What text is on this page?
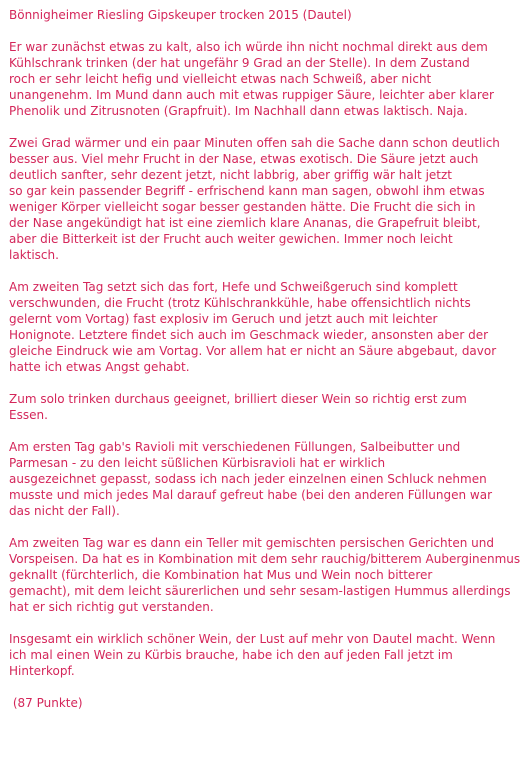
Bönnigheimer Riesling Gipskeuper trocken 2015 (Dautel)
Er war zunächst etwas zu kalt, also ich würde ihn nicht nochmal direkt aus dem
Kühlschrank trinken (der hat ungefähr 9 Grad an der Stelle). In dem Zustand
roch er sehr leicht hefig und vielleicht etwas nach Schweiß, aber nicht
unangenehm. Im Mund dann auch mit etwas ruppiger Säure, leichter aber klarer
Phenolik und Zitrusnoten (Grapfruit). Im Nachhall dann etwas laktisch. Naja.
Zwei Grad wärmer und ein paar Minuten offen sah die Sache dann schon deutlich
besser aus. Viel mehr Frucht in der Nase, etwas exotisch. Die Säure jetzt auch
deutlich sanfter, sehr dezent jetzt, nicht labbrig, aber griffig wär halt jetzt
so gar kein passender Begriff - erfrischend kann man sagen, obwohl ihm etwas
weniger Körper vielleicht sogar besser gestanden hätte. Die Frucht die sich in
der Nase angekündigt hat ist eine ziemlich klare Ananas, die Grapefruit bleibt,
aber die Bitterkeit ist der Frucht auch weiter gewichen. Immer noch leicht
laktisch.
Am zweiten Tag setzt sich das fort, Hefe und Schweißgeruch sind komplett
verschwunden, die Frucht (trotz Kühlschrankkühle, habe offensichtlich nichts
gelernt vom Vortag) fast explosiv im Geruch und jetzt auch mit leichter
Honignote. Letztere findet sich auch im Geschmack wieder, ansonsten aber der
gleiche Eindruck wie am Vortag. Vor allem hat er nicht an Säure abgebaut, davor
hatte ich etwas Angst gehabt.
Zum solo trinken durchaus geeignet, brilliert dieser Wein so richtig erst zum
Essen.
Am ersten Tag gab's Ravioli mit verschiedenen Füllungen, Salbeibutter und
Parmesan - zu den leicht süßlichen Kürbisravioli hat er wirklich
ausgezeichnet gepasst, sodass ich nach jeder einzelnen einen Schluck nehmen
musste und mich jedes Mal darauf gefreut habe (bei den anderen Füllungen war
das nicht der Fall).
Am zweiten Tag war es dann ein Teller mit gemischten persischen Gerichten und
Vorspeisen. Da hat es in Kombination mit dem sehr rauchig/bitterem Auberginenmus
geknallt (fürchterlich, die Kombination hat Mus und Wein noch bitterer
gemacht), mit dem leicht säurerlichen und sehr sesam-lastigen Hummus allerdings
hat er sich richtig gut verstanden.
Insgesamt ein wirklich schöner Wein, der Lust auf mehr von Dautel macht. Wenn
ich mal einen Wein zu Kürbis brauche, habe ich den auf jeden Fall jetzt im
Hinterkopf.
(87 Punkte)
